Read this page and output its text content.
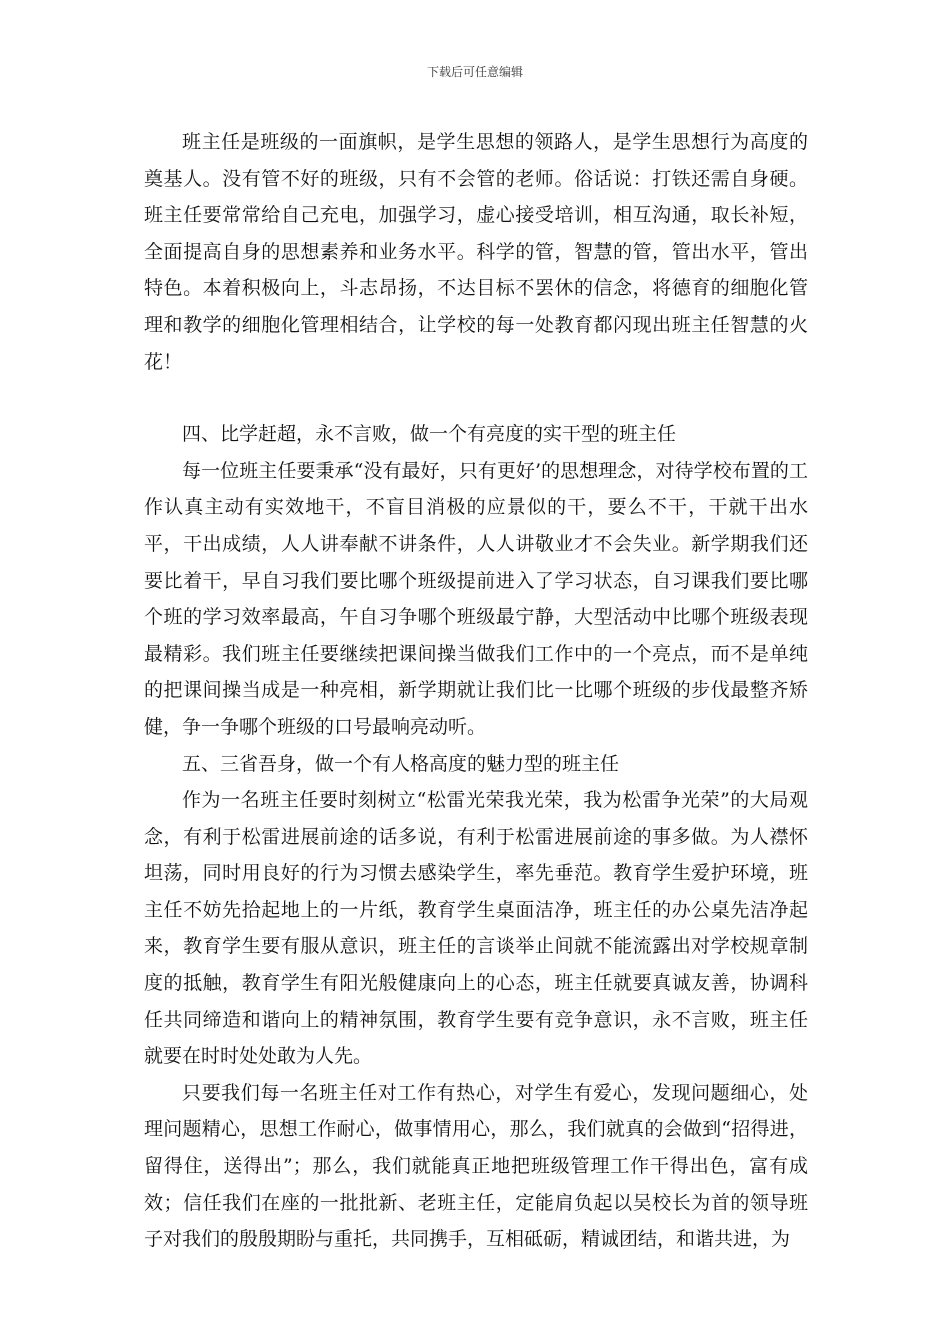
下载后可任意编辑

班主任是班级的一面旗帜，是学生思想的领路人，是学生思想行为高度的奠基人。没有管不好的班级，只有不会管的老师。俗话说：打铁还需自身硬。班主任要常常给自己充电，加强学习，虚心接受培训，相互沟通，取长补短，全面提高自身的思想素养和业务水平。科学的管，智慧的管，管出水平，管出特色。本着积极向上，斗志昂扬，不达目标不罢休的信念，将德育的细胞化管理和教学的细胞化管理相结合，让学校的每一处教育都闪现出班主任智慧的火花！

四、比学赶超，永不言败，做一个有亮度的实干型的班主任

每一位班主任要秉承“没有最好，只有更好’的思想理念，对待学校布置的工作认真主动有实效地干，不盲目消极的应景似的干，要么不干，干就干出水平，干出成绩，人人讲奉献不讲条件，人人讲敬业才不会失业。新学期我们还要比着干，早自习我们要比哪个班级提前进入了学习状态，自习课我们要比哪个班的学习效率最高，午自习争哪个班级最宁静，大型活动中比哪个班级表现最精彩。我们班主任要继续把课间操当做我们工作中的一个亮点，而不是单纯的把课间操当成是一种亮相，新学期就让我们比一比哪个班级的步伐最整齐矫健，争一争哪个班级的口号最响亮动听。

五、三省吾身，做一个有人格高度的魅力型的班主任

作为一名班主任要时刻树立“松雷光荣我光荣，我为松雷争光荣”的大局观念，有利于松雷进展前途的话多说，有利于松雷进展前途的事多做。为人襟怀坦荡，同时用良好的行为习惯去感染学生，率先垂范。教育学生爱护环境，班主任不妨先拾起地上的一片纸，教育学生桌面洁净，班主任的办公桌先洁净起来，教育学生要有服从意识，班主任的言谈举止间就不能流露出对学校规章制度的抵触，教育学生有阳光般健康向上的心态，班主任就要真诚友善，协调科任共同缔造和谐向上的精神氛围，教育学生要有竞争意识，永不言败，班主任就要在时时处处敢为人先。

只要我们每一名班主任对工作有热心，对学生有爱心，发现问题细心，处理问题精心，思想工作耐心，做事情用心，那么，我们就真的会做到“招得进，留得住，送得出”；那么，我们就能真正地把班级管理工作干得出色，富有成效；信任我们在座的一批批新、老班主任，定能肩负起以吴校长为首的领导班子对我们的殷殷期盼与重托，共同携手，互相砥砺，精诚团结，和谐共进，为
